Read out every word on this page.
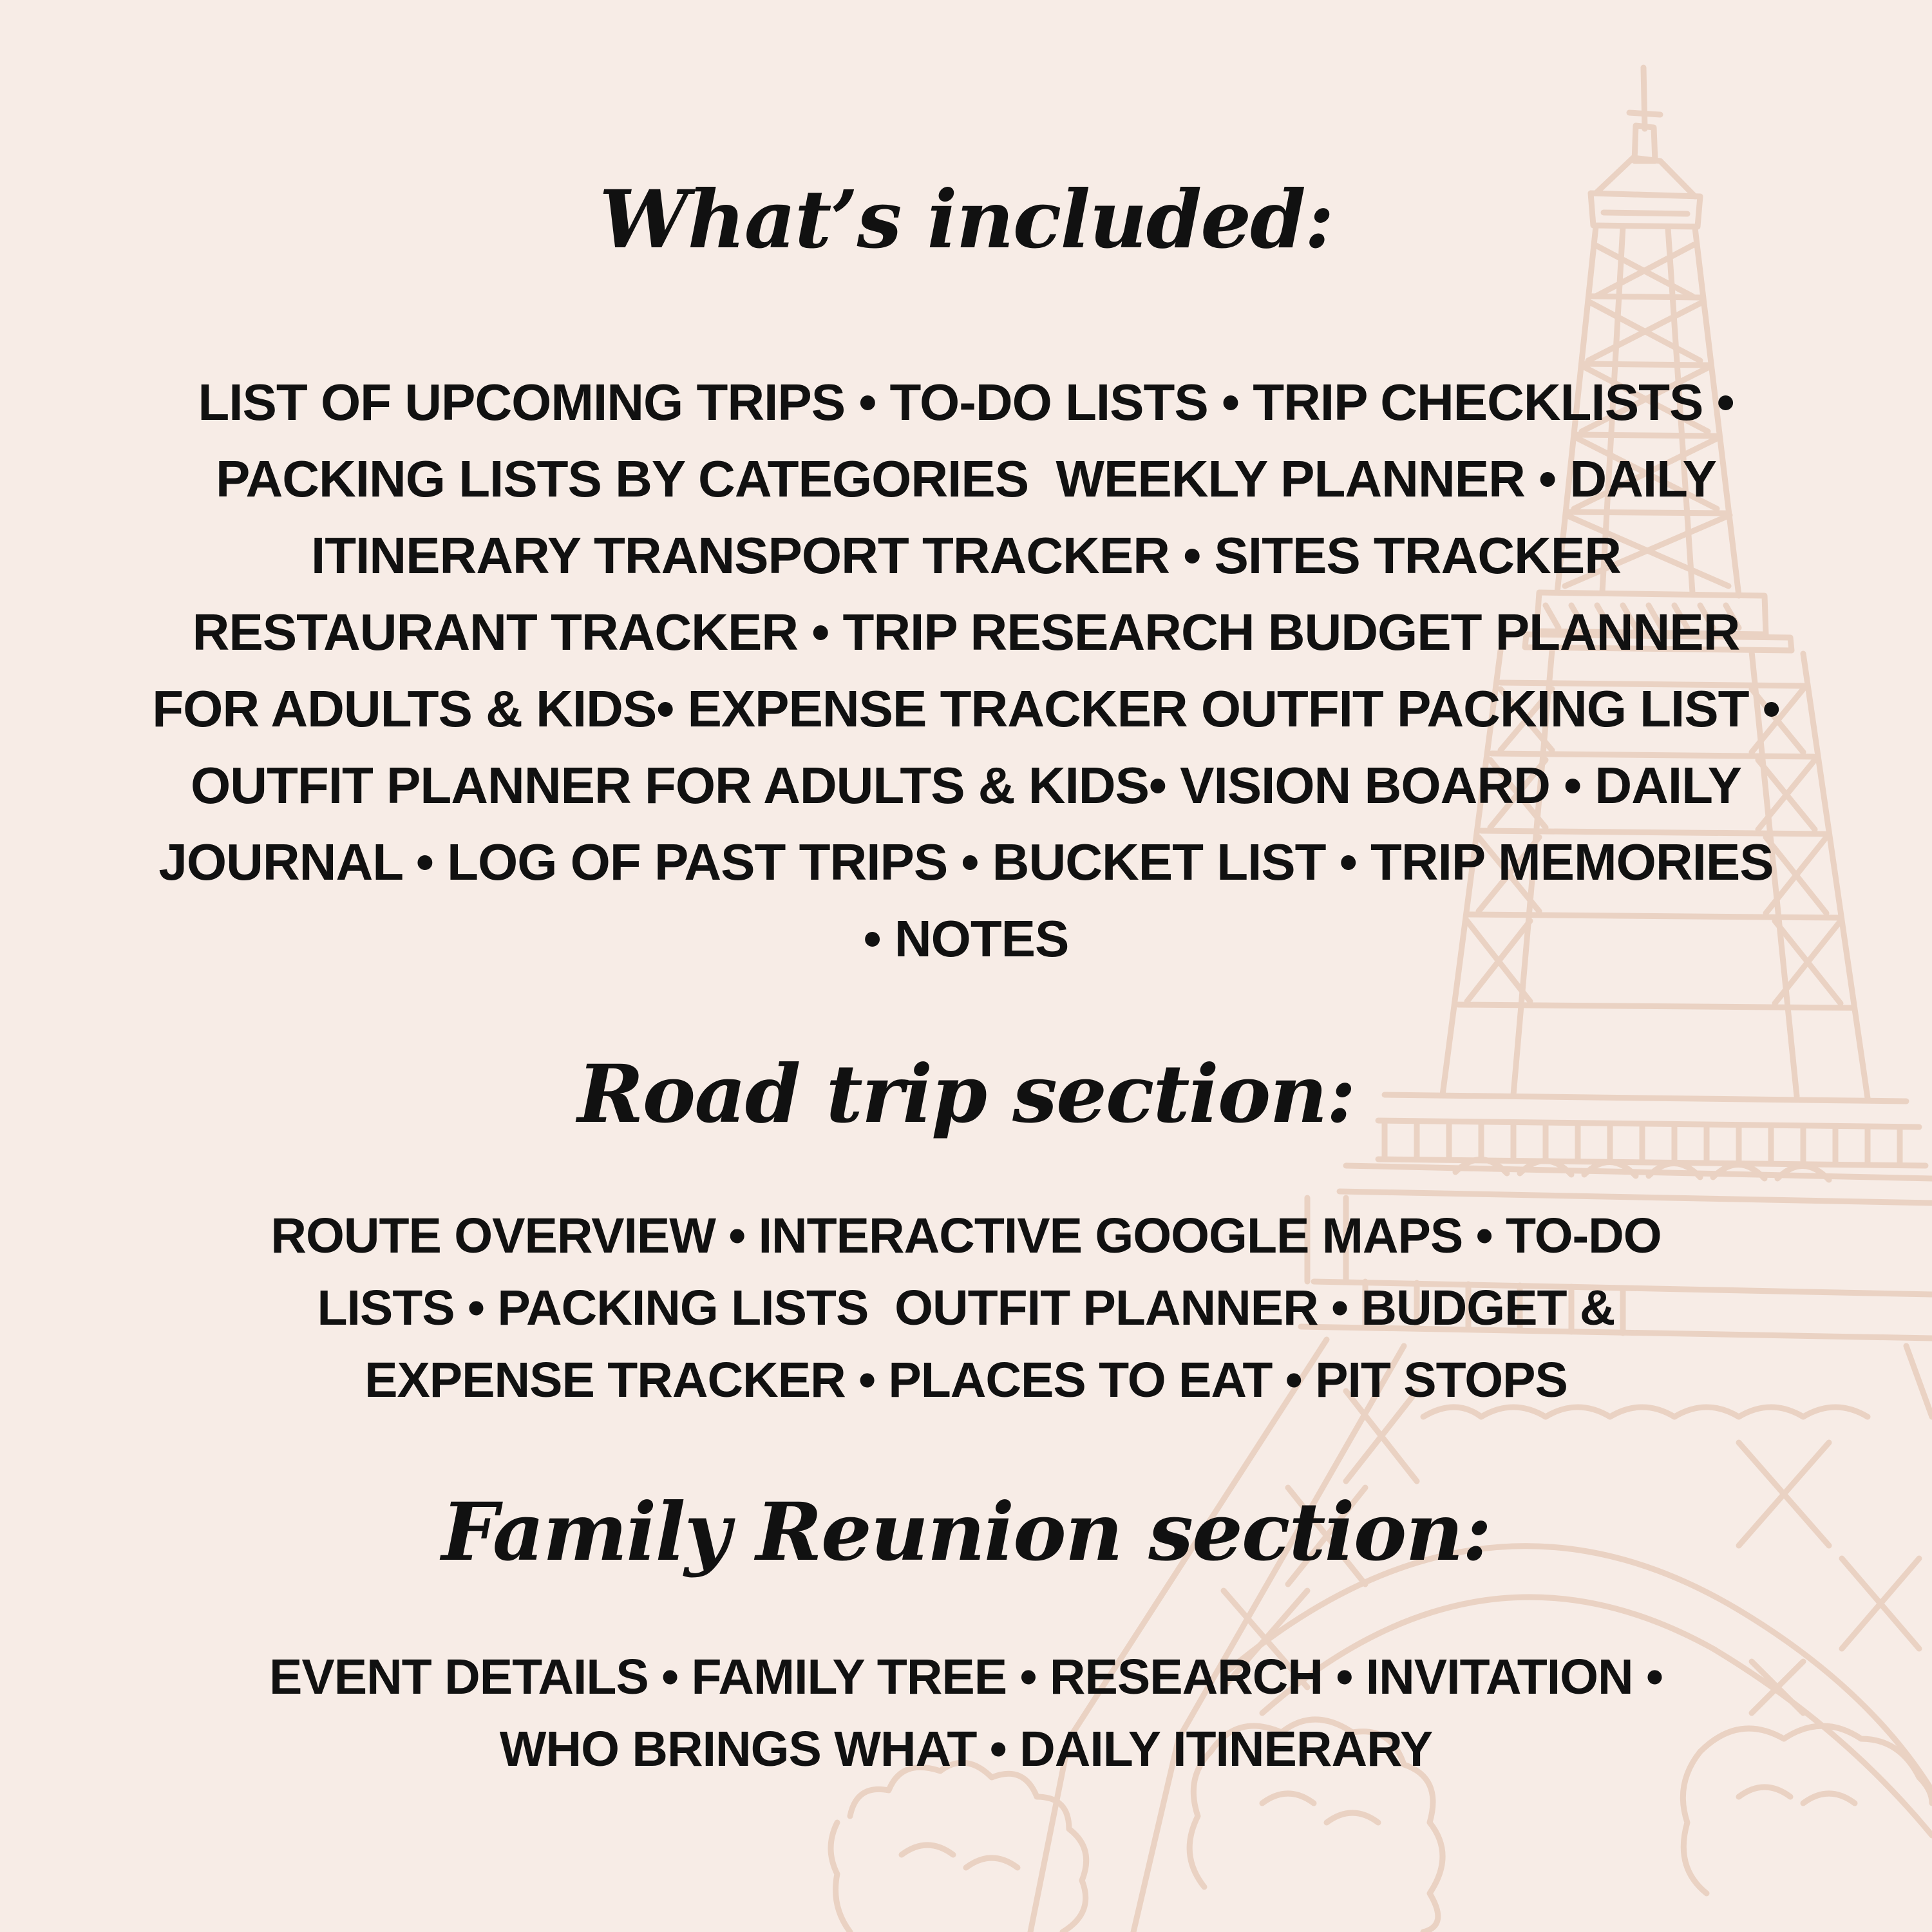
What’s included:
LIST OF UPCOMING TRIPS • TO-DO LISTS • TRIP CHECKLISTS •
PACKING LISTS BY CATEGORIES  WEEKLY PLANNER • DAILY
ITINERARY TRANSPORT TRACKER • SITES TRACKER
RESTAURANT TRACKER • TRIP RESEARCH BUDGET PLANNER
FOR ADULTS & KIDS• EXPENSE TRACKER OUTFIT PACKING LIST •
OUTFIT PLANNER FOR ADULTS & KIDS• VISION BOARD • DAILY
JOURNAL • LOG OF PAST TRIPS • BUCKET LIST • TRIP MEMORIES
• NOTES
Road trip section:
ROUTE OVERVIEW • INTERACTIVE GOOGLE MAPS • TO-DO
LISTS • PACKING LISTS  OUTFIT PLANNER • BUDGET &
EXPENSE TRACKER • PLACES TO EAT • PIT STOPS
Family Reunion section:
EVENT DETAILS • FAMILY TREE • RESEARCH • INVITATION •
WHO BRINGS WHAT • DAILY ITINERARY
